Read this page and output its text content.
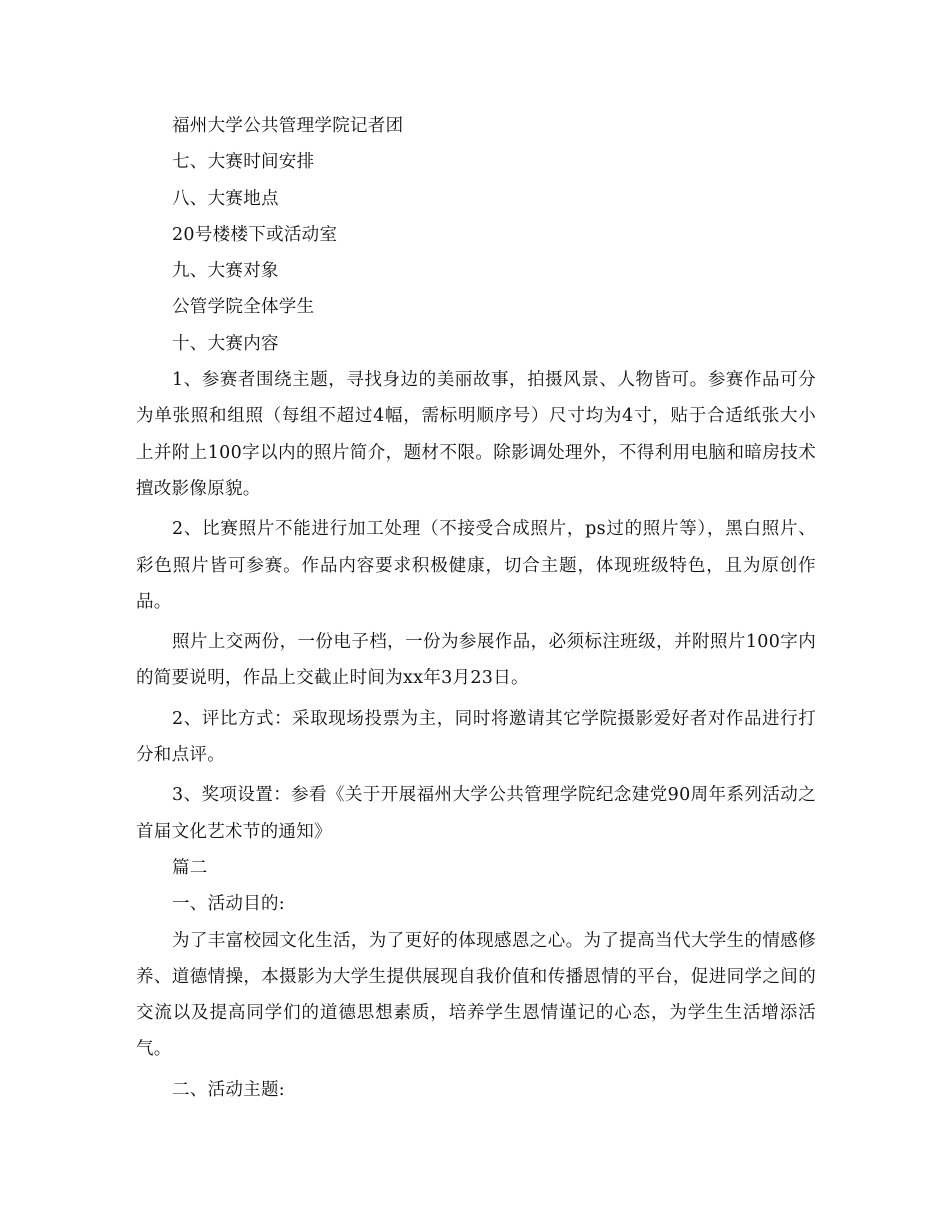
福州大学公共管理学院记者团

七、大赛时间安排

八、大赛地点

20号楼楼下或活动室

九、大赛对象

公管学院全体学生

十、大赛内容

1、参赛者围绕主题，寻找身边的美丽故事，拍摄风景、人物皆可。参赛作品可分为单张照和组照（每组不超过4幅，需标明顺序号）尺寸均为4寸，贴于合适纸张大小上并附上100字以内的照片简介，题材不限。除影调处理外，不得利用电脑和暗房技术擅改影像原貌。

2、比赛照片不能进行加工处理（不接受合成照片，ps过的照片等），黑白照片、彩色照片皆可参赛。作品内容要求积极健康，切合主题，体现班级特色，且为原创作品。

照片上交两份，一份电子档，一份为参展作品，必须标注班级，并附照片100字内的简要说明，作品上交截止时间为xx年3月23日。

2、评比方式：采取现场投票为主，同时将邀请其它学院摄影爱好者对作品进行打分和点评。

3、奖项设置：参看《关于开展福州大学公共管理学院纪念建党90周年系列活动之首届文化艺术节的通知》

篇二

一、活动目的:

为了丰富校园文化生活，为了更好的体现感恩之心。为了提高当代大学生的情感修养、道德情操，本摄影为大学生提供展现自我价值和传播恩情的平台，促进同学之间的交流以及提高同学们的道德思想素质，培养学生恩情谨记的心态，为学生生活增添活气。

二、活动主题:
